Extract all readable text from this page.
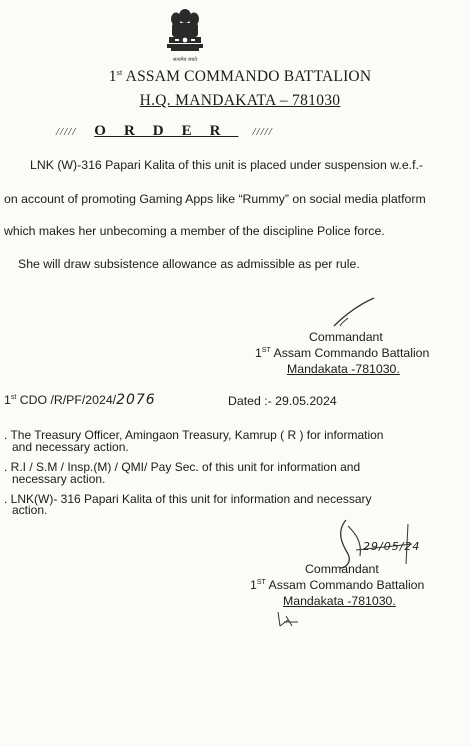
सत्यमेव जयते
1st ASSAM COMMANDO BATTALION
H.Q. MANDAKATA – 781030
///// ORDER /////
LNK (W)-316 Papari Kalita of this unit is placed under suspension w.e.f.-
on account of promoting Gaming Apps like “Rummy” on social media platform
which makes her unbecoming a member of the discipline Police force.
She will draw subsistence allowance as admissible as per rule.
Commandant
1ST Assam Commando Battalion
Mandakata -781030.
1st CDO /R/PF/2024/2076	Dated :- 29.05.2024
. The Treasury Officer, Amingaon Treasury, Kamrup ( R ) for information
and necessary action.
. R.I / S.M / Insp.(M) / QMI/ Pay Sec. of this unit for information and
necessary action.
. LNK(W)- 316 Papari Kalita of this unit for information and necessary
action.
29/05/24
Commandant
1ST Assam Commando Battalion
Mandakata -781030.
